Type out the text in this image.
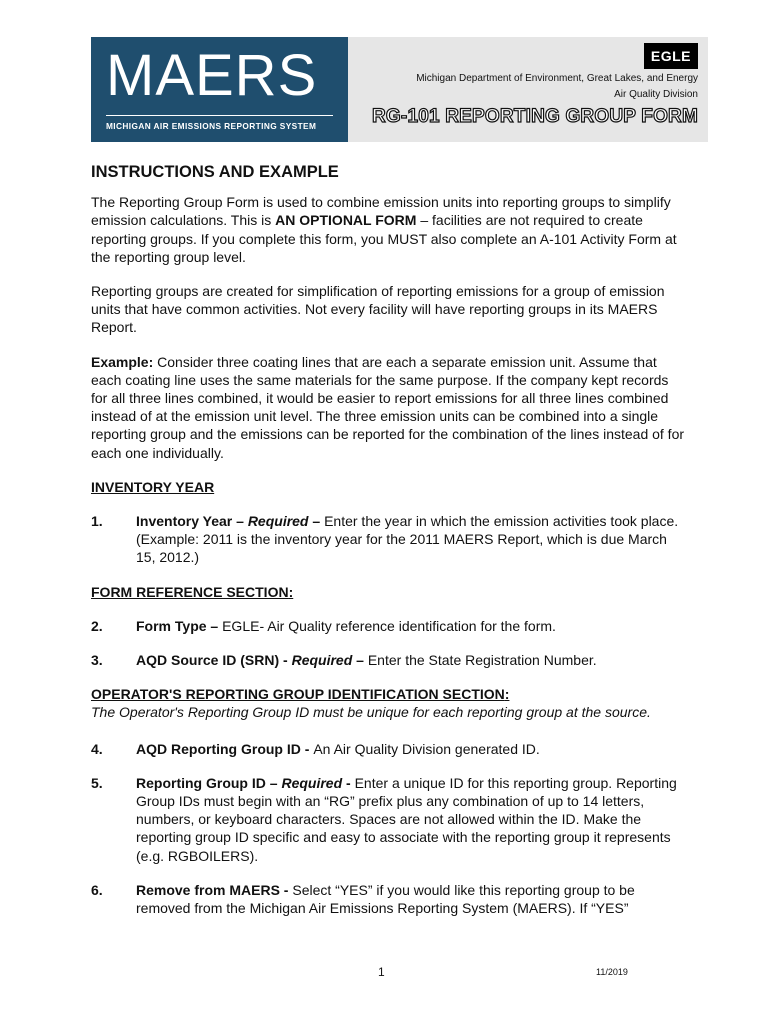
MAERS
MICHIGAN AIR EMISSIONS REPORTING SYSTEM
EGLE
Michigan Department of Environment, Great Lakes, and Energy
Air Quality Division
RG-101 REPORTING GROUP FORM
INSTRUCTIONS AND EXAMPLE

The Reporting Group Form is used to combine emission units into reporting groups to simplify emission calculations. This is AN OPTIONAL FORM – facilities are not required to create reporting groups. If you complete this form, you MUST also complete an A-101 Activity Form at the reporting group level.

Reporting groups are created for simplification of reporting emissions for a group of emission units that have common activities. Not every facility will have reporting groups in its MAERS Report.

Example: Consider three coating lines that are each a separate emission unit. Assume that each coating line uses the same materials for the same purpose. If the company kept records for all three lines combined, it would be easier to report emissions for all three lines combined instead of at the emission unit level. The three emission units can be combined into a single reporting group and the emissions can be reported for the combination of the lines instead of for each one individually.

INVENTORY YEAR
1.	Inventory Year – Required – Enter the year in which the emission activities took place. (Example: 2011 is the inventory year for the 2011 MAERS Report, which is due March 15, 2012.)
FORM REFERENCE SECTION:
2.	Form Type – EGLE- Air Quality reference identification for the form.
3.	AQD Source ID (SRN) - Required – Enter the State Registration Number.
OPERATOR'S REPORTING GROUP IDENTIFICATION SECTION:
The Operator's Reporting Group ID must be unique for each reporting group at the source.
4.	AQD Reporting Group ID - An Air Quality Division generated ID.
5.	Reporting Group ID – Required - Enter a unique ID for this reporting group. Reporting Group IDs must begin with an “RG” prefix plus any combination of up to 14 letters, numbers, or keyboard characters. Spaces are not allowed within the ID. Make the reporting group ID specific and easy to associate with the reporting group it represents (e.g. RGBOILERS).
6.	Remove from MAERS - Select “YES” if you would like this reporting group to be removed from the Michigan Air Emissions Reporting System (MAERS). If “YES”
1	11/2019
